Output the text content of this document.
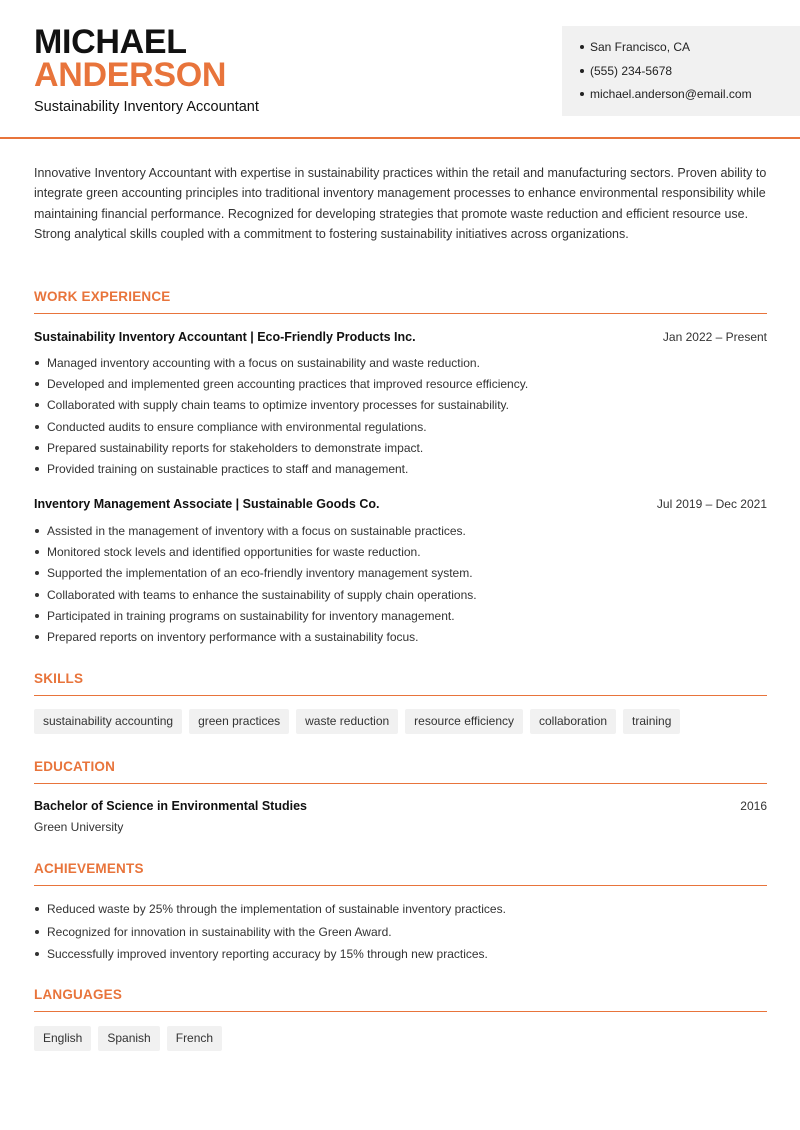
MICHAEL
ANDERSON
Sustainability Inventory Accountant
San Francisco, CA
(555) 234-5678
michael.anderson@email.com

Innovative Inventory Accountant with expertise in sustainability practices within the retail and manufacturing sectors. Proven ability to integrate green accounting principles into traditional inventory management processes to enhance environmental responsibility while maintaining financial performance. Recognized for developing strategies that promote waste reduction and efficient resource use. Strong analytical skills coupled with a commitment to fostering sustainability initiatives across organizations.

WORK EXPERIENCE
Sustainability Inventory Accountant | Eco-Friendly Products Inc.	Jan 2022 – Present
Managed inventory accounting with a focus on sustainability and waste reduction.
Developed and implemented green accounting practices that improved resource efficiency.
Collaborated with supply chain teams to optimize inventory processes for sustainability.
Conducted audits to ensure compliance with environmental regulations.
Prepared sustainability reports for stakeholders to demonstrate impact.
Provided training on sustainable practices to staff and management.
Inventory Management Associate | Sustainable Goods Co.	Jul 2019 – Dec 2021
Assisted in the management of inventory with a focus on sustainable practices.
Monitored stock levels and identified opportunities for waste reduction.
Supported the implementation of an eco-friendly inventory management system.
Collaborated with teams to enhance the sustainability of supply chain operations.
Participated in training programs on sustainability for inventory management.
Prepared reports on inventory performance with a sustainability focus.
SKILLS
sustainability accounting	green practices	waste reduction	resource efficiency	collaboration	training
EDUCATION
Bachelor of Science in Environmental Studies	2016
Green University
ACHIEVEMENTS
Reduced waste by 25% through the implementation of sustainable inventory practices.
Recognized for innovation in sustainability with the Green Award.
Successfully improved inventory reporting accuracy by 15% through new practices.
LANGUAGES
English	Spanish	French
